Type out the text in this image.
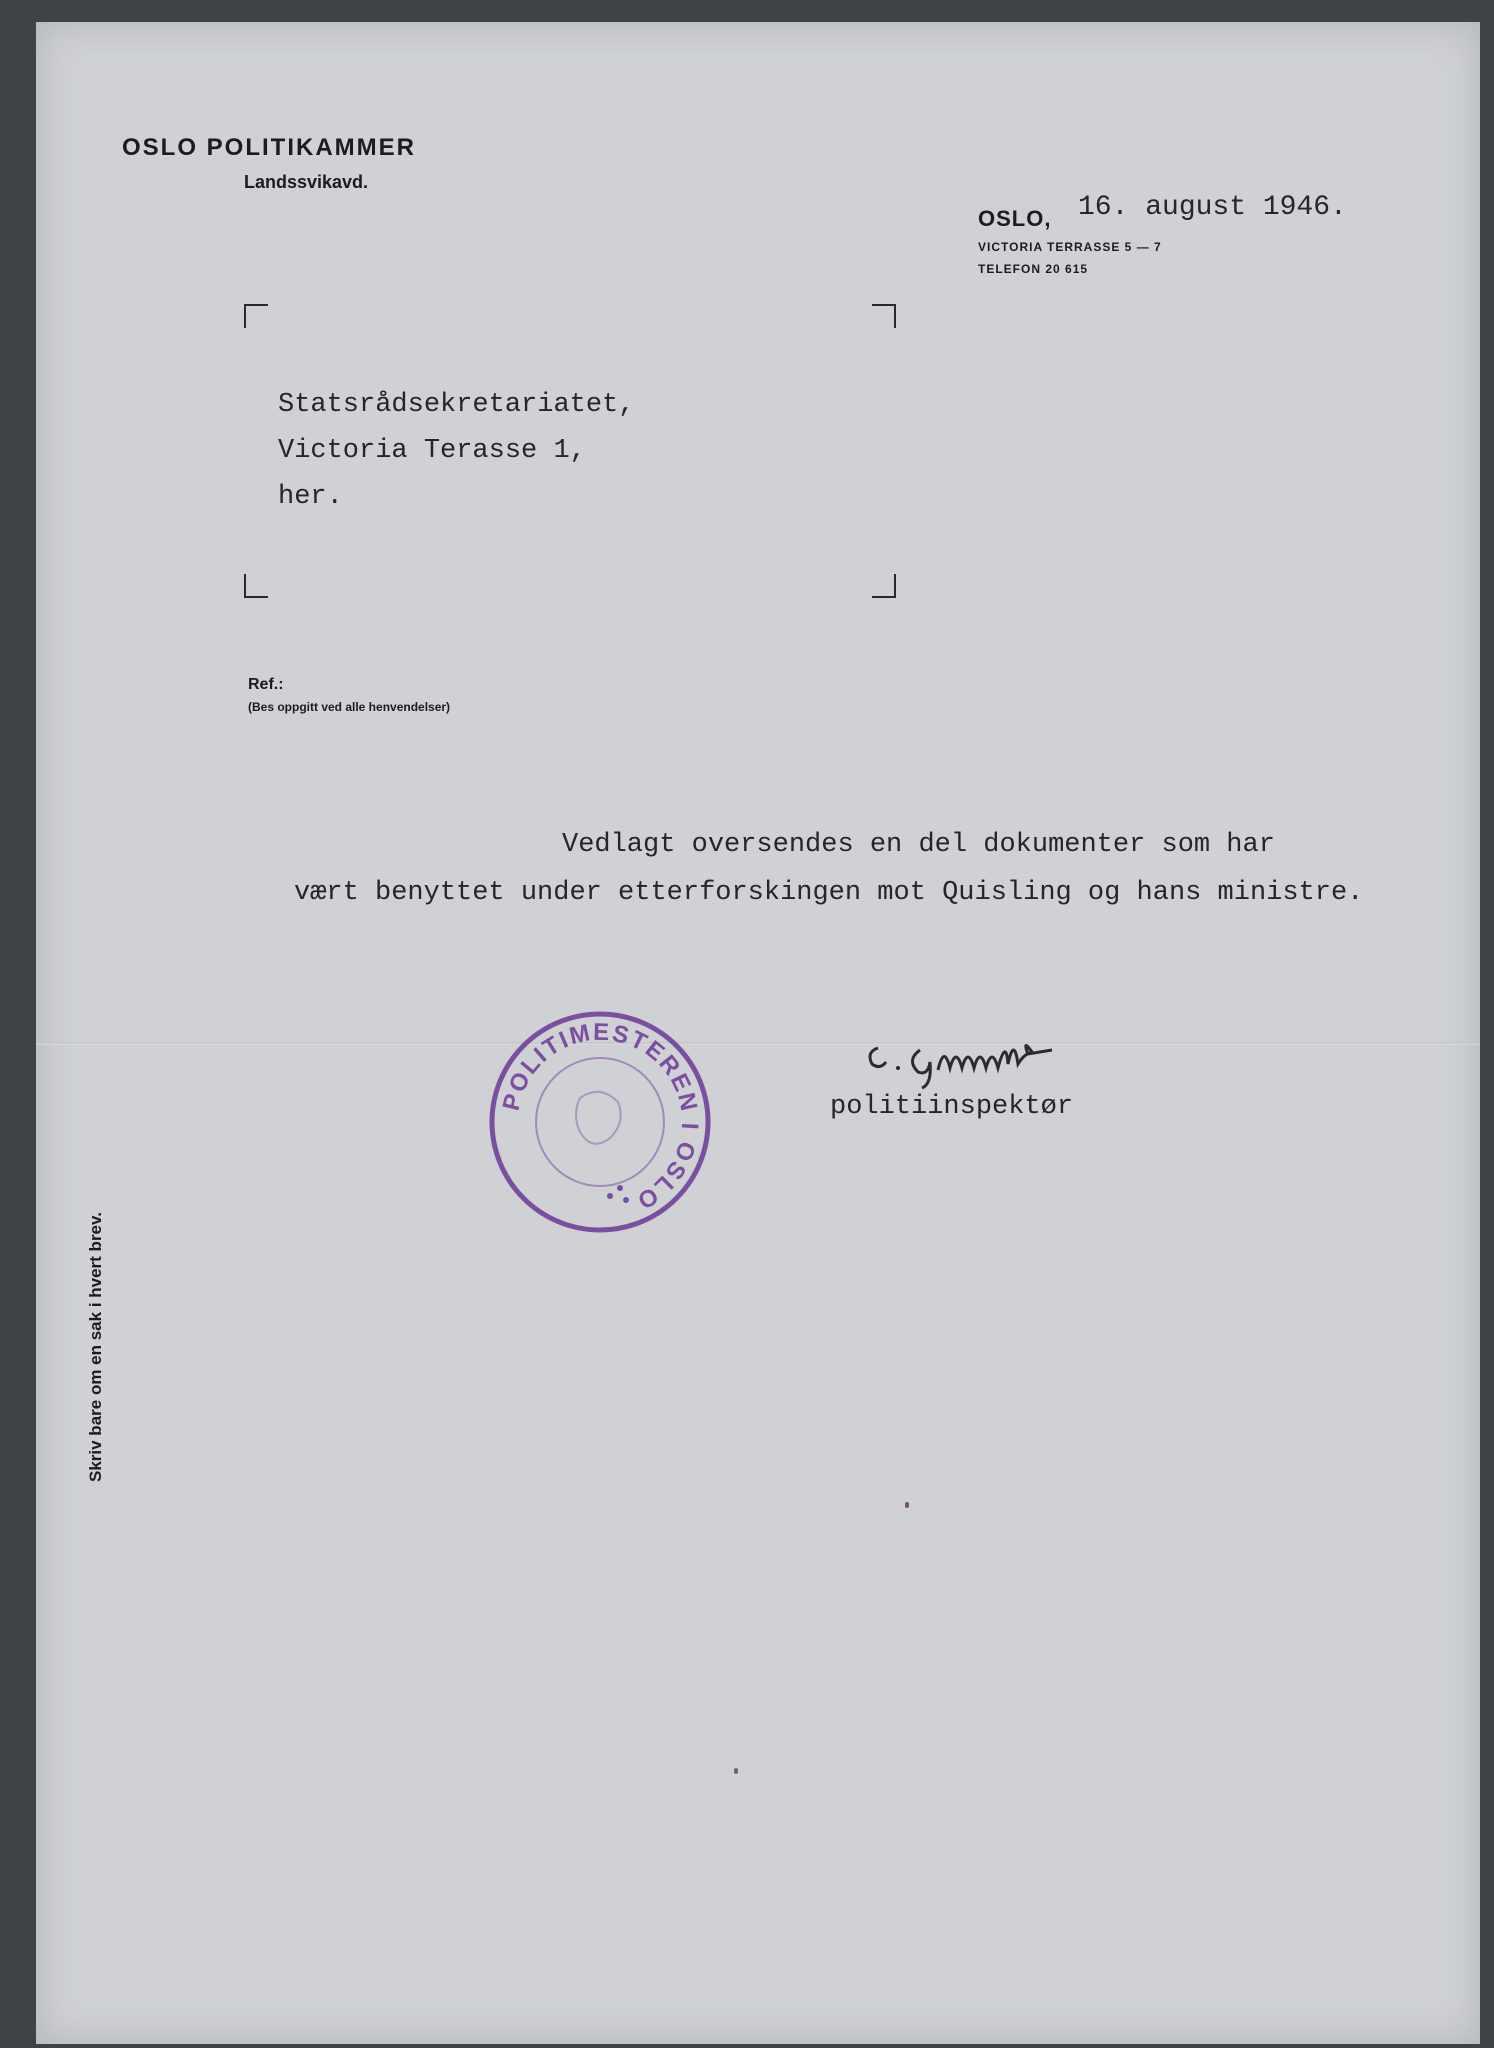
OSLO POLITIKAMMER
Landssvikavd.
OSLO, 16. august 1946.
VICTORIA TERRASSE 5 — 7
TELEFON 20 615
Statsrådsekretariatet,
Victoria Terasse 1,
her.
Ref.:
(Bes oppgitt ved alle henvendelser)
Vedlagt oversendes en del dokumenter som har
vært benyttet under etterforskingen mot Quisling og hans ministre.
politiinspektør
POLITIMESTEREN I OSLO
Skriv bare om en sak i hvert brev.
